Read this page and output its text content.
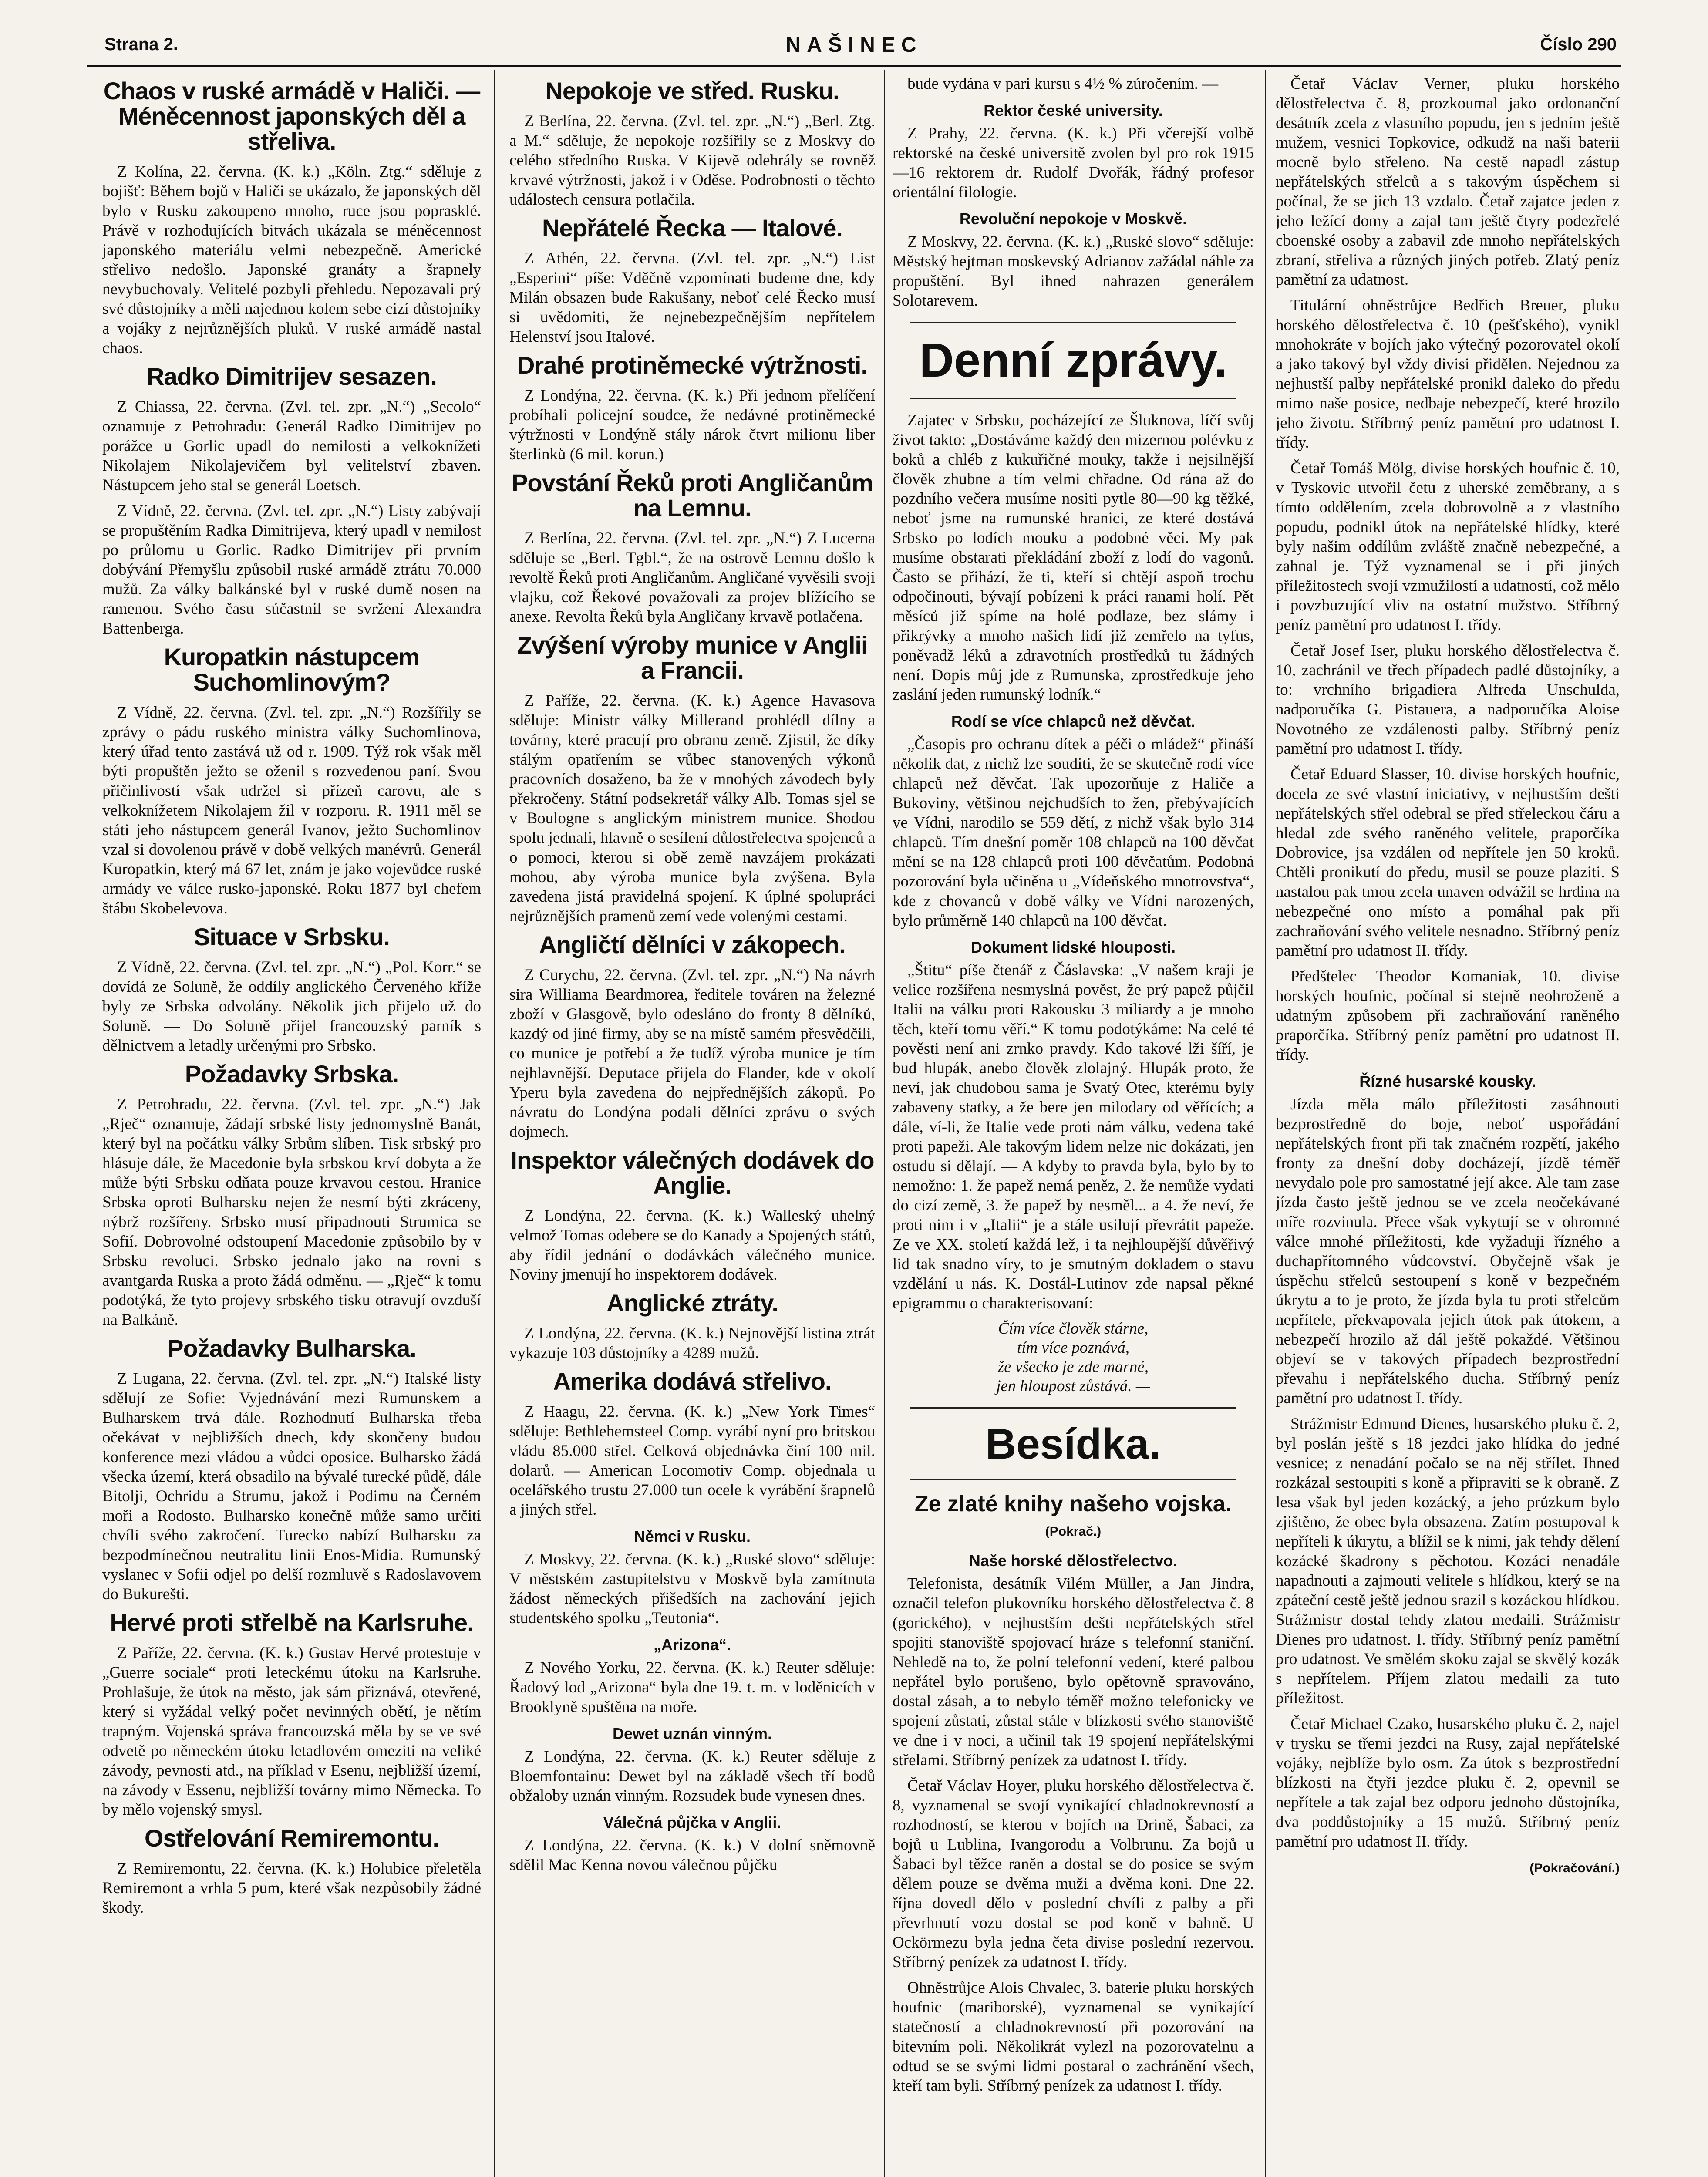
Strana 2.	NAŠINEC	Číslo 290
Chaos v ruské armádě v Haliči. — Méněcennost japonských děl a střeliva.

Z Kolína, 22. června. (K. k.) „Köln. Ztg.“ sděluje z bojišť: Během bojů v Haliči se ukázalo, že japonských děl bylo v Rusku zakoupeno mnoho, ruce jsou poprasklé. Právě v rozhodujících bitvách ukázala se méněcennost japonského materiálu velmi nebezpečně. Americké střelivo nedošlo. Japonské granáty a šrapnely nevybuchovaly. Velitelé pozbyli přehledu. Nepozavali prý své důstojníky a měli najednou kolem sebe cizí důstojníky a vojáky z nejrůznějších pluků. V ruské armádě nastal chaos.

Radko Dimitrijev sesazen.

Z Chiassa, 22. června. (Zvl. tel. zpr. „N.“) „Secolo“ oznamuje z Petrohradu: Generál Radko Dimitrijev po porážce u Gorlic upadl do nemilosti a velkoknížeti Nikolajem Nikolajevičem byl velitelství zbaven. Nástupcem jeho stal se generál Loetsch.

Z Vídně, 22. června. (Zvl. tel. zpr. „N.“) Listy zabývají se propuštěním Radka Dimitrijeva, který upadl v nemilost po průlomu u Gorlic. Radko Dimitrijev při prvním dobývání Přemyšlu způsobil ruské armádě ztrátu 70.000 mužů. Za války balkánské byl v ruské dumě nosen na ramenou. Svého času súčastnil se svržení Alexandra Battenberga.

Kuropatkin nástupcem Suchomlinovým?

Z Vídně, 22. června. (Zvl. tel. zpr. „N.“) Rozšířily se zprávy o pádu ruského ministra války Suchomlinova, který úřad tento zastává už od r. 1909. Týž rok však měl býti propuštěn ježto se oženil s rozvedenou paní. Svou přičinlivostí však udržel si přízeň carovu, ale s velkoknížetem Nikolajem žil v rozporu. R. 1911 měl se státi jeho nástupcem generál Ivanov, ježto Suchomlinov vzal si dovolenou právě v době velkých manévrů. Generál Kuropatkin, který má 67 let, znám je jako vojevůdce ruské armády ve válce rusko-japonské. Roku 1877 byl chefem štábu Skobelevova.

Situace v Srbsku.

Z Vídně, 22. června. (Zvl. tel. zpr. „N.“) „Pol. Korr.“ se dovídá ze Soluně, že oddíly anglického Červeného kříže byly ze Srbska odvolány. Několik jich přijelo už do Soluně. — Do Soluně přijel francouzský parník s dělnictvem a letadly určenými pro Srbsko.

Požadavky Srbska.

Z Petrohradu, 22. června. (Zvl. tel. zpr. „N.“) Jak „Rječ“ oznamuje, žádají srbské listy jednomyslně Banát, který byl na počátku války Srbům slíben. Tisk srbský pro hlásuje dále, že Macedonie byla srbskou krví dobyta a že může býti Srbsku odňata pouze krvavou cestou. Hranice Srbska oproti Bulharsku nejen že nesmí býti zkráceny, nýbrž rozšířeny. Srbsko musí připadnouti Strumica se Sofií. Dobrovolné odstoupení Macedonie způsobilo by v Srbsku revoluci. Srbsko jednalo jako na rovni s avantgarda Ruska a proto žádá odměnu. — „Rječ“ k tomu podotýká, že tyto projevy srbského tisku otravují ovzduší na Balkáně.

Požadavky Bulharska.

Z Lugana, 22. června. (Zvl. tel. zpr. „N.“) Italské listy sdělují ze Sofie: Vyjednávání mezi Rumunskem a Bulharskem trvá dále. Rozhodnutí Bulharska třeba očekávat v nejbližších dnech, kdy skončeny budou konference mezi vládou a vůdci oposice. Bulharsko žádá všecka území, která obsadilo na bývalé turecké půdě, dále Bitolji, Ochridu a Strumu, jakož i Podimu na Černém moři a Rodosto. Bulharsko konečně může samo určiti chvíli svého zakročení. Turecko nabízí Bulharsku za bezpodmínečnou neutralitu linii Enos-Midia. Rumunský vyslanec v Sofii odjel po delší rozmluvě s Radoslavovem do Bukurešti.

Hervé proti střelbě na Karlsruhe.

Z Paříže, 22. června. (K. k.) Gustav Hervé protestuje v „Guerre sociale“ proti leteckému útoku na Karlsruhe. Prohlašuje, že útok na město, jak sám přiznává, otevřené, který si vyžádal velký počet nevinných obětí, je nětím trapným. Vojenská správa francouzská měla by se ve své odvetě po německém útoku letadlovém omeziti na veliké závody, pevnosti atd., na příklad v Esenu, nejbližší území, na závody v Essenu, nejbližší továrny mimo Německa. To by mělo vojenský smysl.

Ostřelování Remiremontu.

Z Remiremontu, 22. června. (K. k.) Holubice přeletěla Remiremont a vrhla 5 pum, které však nezpůsobily žádné škody.

Nepokoje ve střed. Rusku.

Z Berlína, 22. června. (Zvl. tel. zpr. „N.“) „Berl. Ztg. a M.“ sděluje, že nepokoje rozšířily se z Moskvy do celého středního Ruska. V Kijevě odehrály se rovněž krvavé výtržnosti, jakož i v Oděse. Podrobnosti o těchto událostech censura potlačila.

Nepřátelé Řecka — Italové.

Z Athén, 22. června. (Zvl. tel. zpr. „N.“) List „Esperini“ píše: Vděčně vzpomínati budeme dne, kdy Milán obsazen bude Rakušany, neboť celé Řecko musí si uvědomiti, že nejnebezpečnějším nepřítelem Helenství jsou Italové.

Drahé protiněmecké výtržnosti.

Z Londýna, 22. června. (K. k.) Při jednom přelíčení probíhali policejní soudce, že nedávné protiněmecké výtržnosti v Londýně stály nárok čtvrt milionu liber šterlinků (6 mil. korun.)

Povstání Řeků proti Angličanům na Lemnu.

Z Berlína, 22. června. (Zvl. tel. zpr. „N.“) Z Lucerna sděluje se „Berl. Tgbl.“, že na ostrově Lemnu došlo k revoltě Řeků proti Angličanům. Angličané vyvěsili svoji vlajku, což Řekové považovali za projev blížícího se anexe. Revolta Řeků byla Angličany krvavě potlačena.

Zvýšení výroby munice v Anglii a Francii.

Z Paříže, 22. června. (K. k.) Agence Havasova sděluje: Ministr války Millerand prohlédl dílny a továrny, které pracují pro obranu země. Zjistil, že díky stálým opatřením se vůbec stanovených výkonů pracovních dosaženo, ba že v mnohých závodech byly překročeny. Státní podsekretář války Alb. Tomas sjel se v Boulogne s anglickým ministrem munice. Shodou spolu jednali, hlavně o sesílení důlostřelectva spojenců a o pomoci, kterou si obě země navzájem prokázati mohou, aby výroba munice byla zvýšena. Byla zavedena jistá pravidelná spojení. K úplné spolupráci nejrůznějších pramenů zemí vede volenými cestami.

Angličtí dělníci v zákopech.

Z Curychu, 22. června. (Zvl. tel. zpr. „N.“) Na návrh sira Williama Beardmorea, ředitele továren na železné zboží v Glasgově, bylo odesláno do fronty 8 dělníků, kazdý od jiné firmy, aby se na místě samém přesvědčili, co munice je potřebí a že tudíž výroba munice je tím nejhlavnější. Deputace přijela do Flander, kde v okolí Yperu byla zavedena do nejpřednějších zákopů. Po návratu do Londýna podali dělníci zprávu o svých dojmech.

Inspektor válečných dodávek do Anglie.

Z Londýna, 22. června. (K. k.) Walleský uhelný velmož Tomas odebere se do Kanady a Spojených států, aby řídil jednání o dodávkách válečného munice. Noviny jmenují ho inspektorem dodávek.

Anglické ztráty.

Z Londýna, 22. června. (K. k.) Nejnovější listina ztrát vykazuje 103 důstojníky a 4289 mužů.

Amerika dodává střelivo.

Z Haagu, 22. června. (K. k.) „New York Times“ sděluje: Bethlehemsteel Comp. vyrábí nyní pro britskou vládu 85.000 střel. Celková objednávka činí 100 mil. dolarů. — American Locomotiv Comp. objednala u ocelářského trustu 27.000 tun ocele k vyrábění šrapnelů a jiných střel.

Němci v Rusku.

Z Moskvy, 22. června. (K. k.) „Ruské slovo“ sděluje: V městském zastupitelstvu v Moskvě byla zamítnuta žádost německých přišedších na zachování jejich studentského spolku „Teutonia“.

„Arizona“.

Z Nového Yorku, 22. června. (K. k.) Reuter sděluje: Řadový lod „Arizona“ byla dne 19. t. m. v loděnicích v Brooklyně spuštěna na moře.

Dewet uznán vinným.

Z Londýna, 22. června. (K. k.) Reuter sděluje z Bloemfontainu: Dewet byl na základě všech tří bodů obžaloby uznán vinným. Rozsudek bude vynesen dnes.

Válečná půjčka v Anglii.

Z Londýna, 22. června. (K. k.) V dolní sněmovně sdělil Mac Kenna novou válečnou půjčku

bude vydána v pari kursu s 4½ % zúročením. —

Rektor české university.

Z Prahy, 22. června. (K. k.) Při včerejší volbě rektorské na české universitě zvolen byl pro rok 1915—16 rektorem dr. Rudolf Dvořák, řádný profesor orientální filologie.

Revoluční nepokoje v Moskvě.

Z Moskvy, 22. června. (K. k.) „Ruské slovo“ sděluje: Městský hejtman moskevský Adrianov zažádal náhle za propuštění. Byl ihned nahrazen generálem Solotarevem.

Denní zprávy.

Zajatec v Srbsku, pocházející ze Šluknova, líčí svůj život takto: „Dostáváme každý den mizernou polévku z boků a chléb z kukuřičné mouky, takže i nejsilnější člověk zhubne a tím velmi chřadne. Od rána až do pozdního večera musíme nositi pytle 80—90 kg těžké, neboť jsme na rumunské hranici, ze které dostává Srbsko po lodích mouku a podobné věci. My pak musíme obstarati překládání zboží z lodí do vagonů. Často se přihází, že ti, kteří si chtějí aspoň trochu odpočinouti, bývají pobízeni k práci ranami holí. Pět měsíců již spíme na holé podlaze, bez slámy i přikrývky a mnoho našich lidí již zemřelo na tyfus, poněvadž léků a zdravotních prostředků tu žádných není. Dopis můj jde z Rumunska, zprostředkuje jeho zaslání jeden rumunský lodník.“

Rodí se více chlapců než děvčat.

„Časopis pro ochranu dítek a péči o mládež“ přináší několik dat, z nichž lze souditi, že se skutečně rodí více chlapců než děvčat. Tak upozorňuje z Haliče a Bukoviny, většinou nejchudších to žen, přebývajících ve Vídni, narodilo se 559 dětí, z nichž však bylo 314 chlapců. Tím dnešní poměr 108 chlapců na 100 děvčat mění se na 128 chlapců proti 100 děvčatům. Podobná pozorování byla učiněna u „Vídeňského mnotrovstva“, kde z chovanců v době války ve Vídni narozených, bylo průměrně 140 chlapců na 100 děvčat.

Dokument lidské hlouposti.

„Štitu“ píše čtenář z Čáslavska: „V našem kraji je velice rozšířena nesmyslná pověst, že prý papež půjčil Italii na válku proti Rakousku 3 miliardy a je mnoho těch, kteří tomu věří.“ K tomu podotýkáme: Na celé té pověsti není ani zrnko pravdy. Kdo takové lži šíří, je bud hlupák, anebo člověk zlolajný. Hlupák proto, že neví, jak chudobou sama je Svatý Otec, kterému byly zabaveny statky, a že bere jen milodary od věřících; a dále, ví-li, že Italie vede proti nám válku, vedena také proti papeži. Ale takovým lidem nelze nic dokázati, jen ostudu si dělají. — A kdyby to pravda byla, bylo by to nemožno: 1. že papež nemá peněz, 2. že nemůže vydati do cizí země, 3. že papež by nesměl... a 4. že neví, že proti nim i v „Italii“ je a stále usilují převrátit papeže. Ze ve XX. století každá lež, i ta nejhloupější důvěřivý lid tak snadno víry, to je smutným dokladem o stavu vzdělání u nás. K. Dostál-Lutinov zde napsal pěkné epigrammu o charakterisovaní:

Čím více člověk stárne,
tím více poznává,
že všecko je zde marné,
jen hloupost zůstává. —
Besídka.
Ze zlaté knihy našeho vojska. (Pokrač.)
Naše horské dělostřelectvo.

Telefonista, desátník Vilém Müller, a Jan Jindra, označil telefon plukovníku horského dělostřelectva č. 8 (gorického), v nejhustším dešti nepřátelských střel spojiti stanoviště spojovací hráze s telefonní staniční. Nehledě na to, že polní telefonní vedení, které palbou nepřátel bylo porušeno, bylo opětovně spravováno, dostal zásah, a to nebylo téměř možno telefonicky ve spojení zůstati, zůstal stále v blízkosti svého stanoviště ve dne i v noci, a učinil tak 19 spojení nepřátelskými střelami. Stříbrný penízek za udatnost I. třídy.

Četař Václav Hoyer, pluku horského dělostřelectva č. 8, vyznamenal se svojí vynikající chladnokrevností a rozhodností, se kterou v bojích na Drině, Šabaci, za bojů u Lublina, Ivangorodu a Volbrunu. Za bojů u Šabaci byl těžce raněn a dostal se do posice se svým dělem pouze se dvěma muži a dvěma koni. Dne 22. října dovedl dělo v poslední chvíli z palby a při převrhnutí vozu dostal se pod koně v bahně. U Ockörmezu byla jedna četa divise poslední rezervou. Stříbrný penízek za udatnost I. třídy.

Ohněstrůjce Alois Chvalec, 3. baterie pluku horských houfnic (mariborské), vyznamenal se vynikající statečností a chladnokrevností při pozorování na bitevním poli. Několikrát vylezl na pozorovatelnu a odtud se se svými lidmi postaral o zachránění všech, kteří tam byli. Stříbrný penízek za udatnost I. třídy.

Četař Václav Verner, pluku horského dělostřelectva č. 8, prozkoumal jako ordonanční desátník zcela z vlastního popudu, jen s jedním ještě mužem, vesnici Topkovice, odkudž na naši baterii mocně bylo střeleno. Na cestě napadl zástup nepřátelských střelců a s takovým úspěchem si počínal, že se jich 13 vzdalo. Četař zajatce jeden z jeho ležící domy a zajal tam ještě čtyry podezřelé cboenské osoby a zabavil zde mnoho nepřátelských zbraní, střeliva a různých jiných potřeb. Zlatý peníz pamětní za udatnost.

Titulární ohněstrůjce Bedřich Breuer, pluku horského dělostřelectva č. 10 (pešťského), vynikl mnohokráte v bojích jako výtečný pozorovatel okolí a jako takový byl vždy divisi přidělen. Nejednou za nejhustší palby nepřátelské pronikl daleko do předu mimo naše posice, nedbaje nebezpečí, které hrozilo jeho životu. Stříbrný peníz pamětní pro udatnost I. třídy.

Četař Tomáš Mölg, divise horských houfnic č. 10, v Tyskovic utvořil četu z uherské zeměbrany, a s tímto oddělením, zcela dobrovolně a z vlastního popudu, podnikl útok na nepřátelské hlídky, které byly našim oddílům zvláště značně nebezpečné, a zahnal je. Týž vyznamenal se i při jiných příležitostech svojí vzmužilostí a udatností, což mělo i povzbuzující vliv na ostatní mužstvo. Stříbrný peníz pamětní pro udatnost I. třídy.

Četař Josef Iser, pluku horského dělostřelectva č. 10, zachránil ve třech případech padlé důstojníky, a to: vrchního brigadiera Alfreda Unschulda, nadporučíka G. Pistauera, a nadporučíka Aloise Novotného ze vzdálenosti palby. Stříbrný peníz pamětní pro udatnost I. třídy.

Četař Eduard Slasser, 10. divise horských houfnic, docela ze své vlastní iniciativy, v nejhustším dešti nepřátelských střel odebral se před střeleckou čáru a hledal zde svého raněného velitele, praporčíka Dobrovice, jsa vzdálen od nepřítele jen 50 kroků. Chtěli pronikutí do předu, musil se pouze plaziti. S nastalou pak tmou zcela unaven odvážil se hrdina na nebezpečné ono místo a pomáhal pak při zachraňování svého velitele nesnadno. Stříbrný peníz pamětní pro udatnost II. třídy.

Předštelec Theodor Komaniak, 10. divise horských houfnic, počínal si stejně neohroženě a udatným způsobem při zachraňování raněného praporčíka. Stříbrný peníz pamětní pro udatnost II. třídy.

Řízné husarské kousky.

Jízda měla málo příležitosti zasáhnouti bezprostředně do boje, neboť uspořádání nepřátelských front při tak značném rozpětí, jakého fronty za dnešní doby docházejí, jízdě téměř nevydalo pole pro samostatné její akce. Ale tam zase jízda často ještě jednou se ve zcela neočekávané míře rozvinula. Přece však vykytují se v ohromné válce mnohé příležitosti, kde vyžaduji řízného a duchapřítomného vůdcovství. Obyčejně však je úspěchu střelců sestoupení s koně v bezpečném úkrytu a to je proto, že jízda byla tu proti střelcům nepřítele, překvapovala jejich útok pak útokem, a nebezpečí hrozilo až dál ještě pokaždé. Většinou objeví se v takových případech bezprostřední převahu i nepřátelského ducha. Stříbrný peníz pamětní pro udatnost I. třídy.

Strážmistr Edmund Dienes, husarského pluku č. 2, byl poslán ještě s 18 jezdci jako hlídka do jedné vesnice; z nenadání počalo se na něj střílet. Ihned rozkázal sestoupiti s koně a připraviti se k obraně. Z lesa však byl jeden kozácký, a jeho průzkum bylo zjištěno, že obec byla obsazena. Zatím postupoval k nepříteli k úkrytu, a blížil se k nimi, jak tehdy dělení kozácké škadrony s pěchotou. Kozáci nenadále napadnouti a zajmouti velitele s hlídkou, který se na zpáteční cestě ještě jednou srazil s kozáckou hlídkou. Strážmistr dostal tehdy zlatou medaili. Strážmistr Dienes pro udatnost. I. třídy. Stříbrný peníz pamětní pro udatnost. Ve smělém skoku zajal se skvělý kozák s nepřítelem. Příjem zlatou medaili za tuto příležitost.

Četař Michael Czako, husarského pluku č. 2, najel v trysku se třemi jezdci na Rusy, zajal nepřátelské vojáky, nejblíže bylo osm. Za útok s bezprostřední blízkosti na čtyři jezdce pluku č. 2, opevnil se nepřítele a tak zajal bez odporu jednoho důstojníka, dva poddůstojníky a 15 mužů. Stříbrný peníz pamětní pro udatnost II. třídy.

(Pokračování.)
